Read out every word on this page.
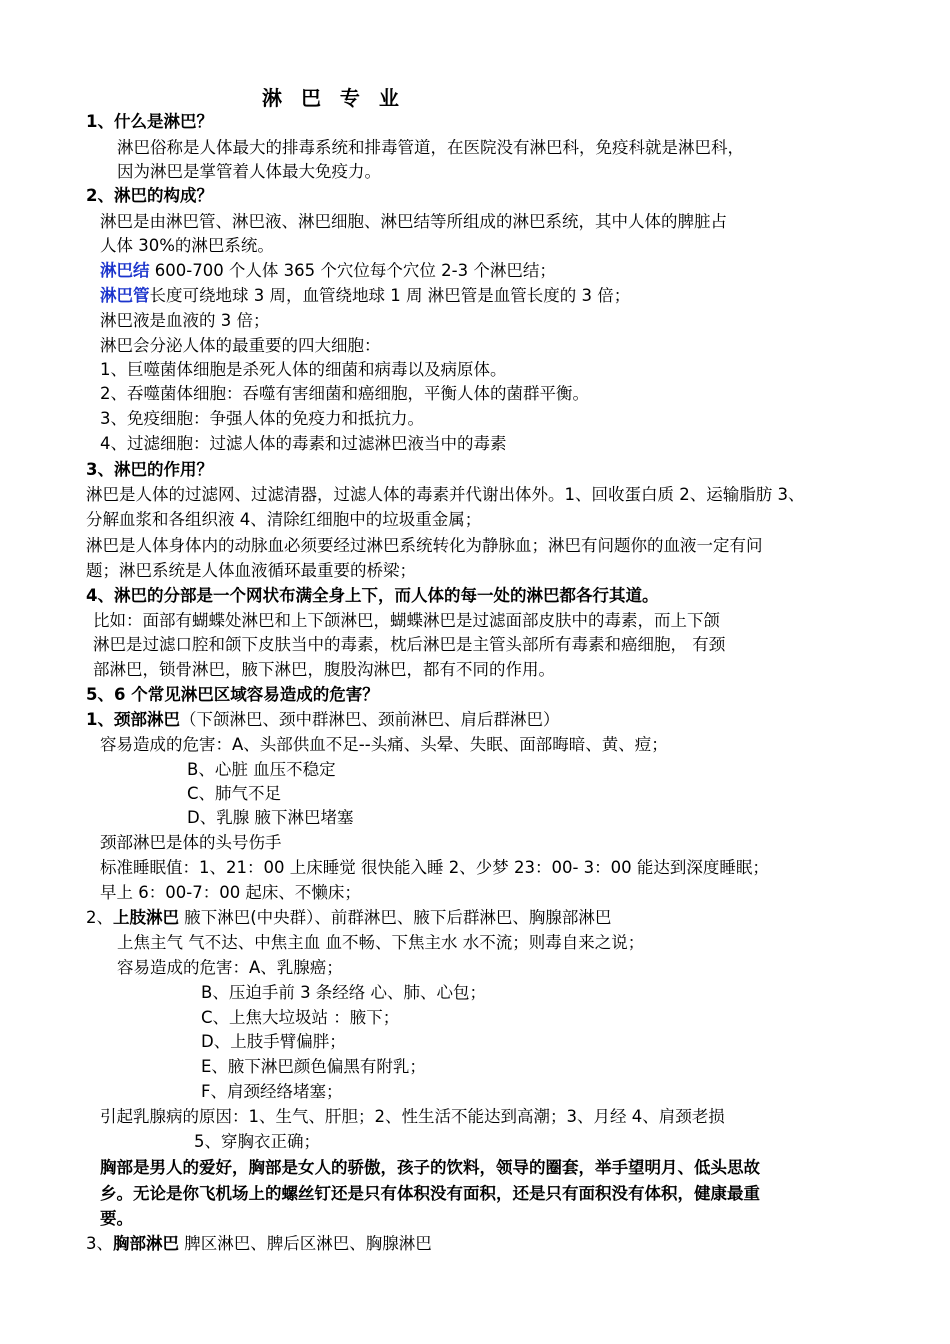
淋 巴 专 业
1、什么是淋巴？
淋巴俗称是人体最大的排毒系统和排毒管道，在医院没有淋巴科，免疫科就是淋巴科，
因为淋巴是掌管着人体最大免疫力。
2、淋巴的构成？
淋巴是由淋巴管、淋巴液、淋巴细胞、淋巴结等所组成的淋巴系统，其中人体的脾脏占
人体 30%的淋巴系统。
淋巴结 600-700 个人体 365 个穴位每个穴位 2-3 个淋巴结；
淋巴管长度可绕地球 3 周，血管绕地球 1 周 淋巴管是血管长度的 3 倍；
淋巴液是血液的 3 倍；
淋巴会分泌人体的最重要的四大细胞：
1、巨噬菌体细胞是杀死人体的细菌和病毒以及病原体。
2、吞噬菌体细胞：吞噬有害细菌和癌细胞，平衡人体的菌群平衡。
3、免疫细胞：争强人体的免疫力和抵抗力。
4、过滤细胞：过滤人体的毒素和过滤淋巴液当中的毒素
3、淋巴的作用？
淋巴是人体的过滤网、过滤清器，过滤人体的毒素并代谢出体外。1、回收蛋白质 2、运输脂肪 3、
分解血浆和各组织液 4、清除红细胞中的垃圾重金属；
淋巴是人体身体内的动脉血必须要经过淋巴系统转化为静脉血；淋巴有问题你的血液一定有问
题；淋巴系统是人体血液循环最重要的桥梁；
4、淋巴的分部是一个网状布满全身上下，而人体的每一处的淋巴都各行其道。
比如：面部有蝴蝶处淋巴和上下颌淋巴，蝴蝶淋巴是过滤面部皮肤中的毒素，而上下颌
淋巴是过滤口腔和颌下皮肤当中的毒素，枕后淋巴是主管头部所有毒素和癌细胞， 有颈
部淋巴，锁骨淋巴，腋下淋巴，腹股沟淋巴，都有不同的作用。
5、6 个常见淋巴区域容易造成的危害？
1、颈部淋巴（下颌淋巴、颈中群淋巴、颈前淋巴、肩后群淋巴）
容易造成的危害：A、头部供血不足--头痛、头晕、失眠、面部晦暗、黄、痘；
B、心脏 血压不稳定
C、肺气不足
D、乳腺 腋下淋巴堵塞
颈部淋巴是体的头号伤手
标准睡眠值：1、21：00 上床睡觉 很快能入睡 2、少梦 23：00- 3：00 能达到深度睡眠；
早上 6：00-7：00 起床、不懒床；
2、上肢淋巴 腋下淋巴(中央群）、前群淋巴、腋下后群淋巴、胸腺部淋巴
上焦主气 气不达、中焦主血 血不畅、下焦主水 水不流；则毒自来之说；
容易造成的危害：A、乳腺癌；
B、压迫手前 3 条经络 心、肺、心包；
C、上焦大垃圾站 ：腋下；
D、上肢手臂偏胖；
E、腋下淋巴颜色偏黑有附乳；
F、肩颈经络堵塞；
引起乳腺病的原因：1、生气、肝胆；2、性生活不能达到高潮；3、月经 4、肩颈老损
5、穿胸衣正确；
胸部是男人的爱好，胸部是女人的骄傲，孩子的饮料，领导的圈套，举手望明月、低头思故
乡。无论是你飞机场上的螺丝钉还是只有体积没有面积，还是只有面积没有体积，健康最重
要。
3、胸部淋巴 脾区淋巴、脾后区淋巴、胸腺淋巴
